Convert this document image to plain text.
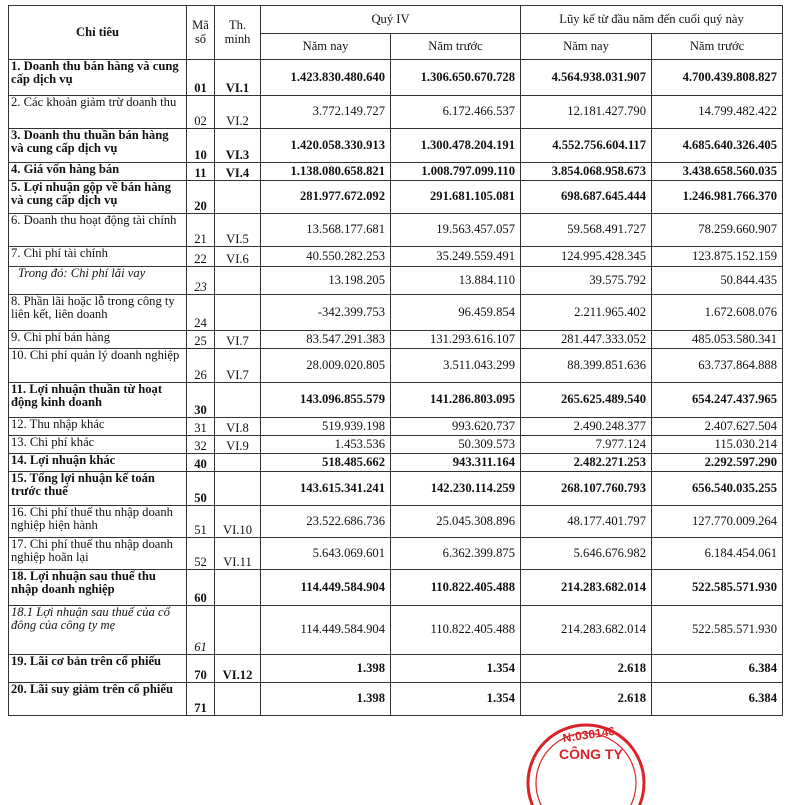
Chỉ tiêu	Mã số	Th. minh	Quý IV		Lũy kế từ đầu năm đến cuối quý này	
			Năm nay	Năm trước	Năm nay	Năm trước
1. Doanh thu bán hàng và cung cấp dịch vụ	01	VI.1	1.423.830.480.640	1.306.650.670.728	4.564.938.031.907	4.700.439.808.827
2. Các khoản giảm trừ doanh thu	02	VI.2	3.772.149.727	6.172.466.537	12.181.427.790	14.799.482.422
3. Doanh thu thuần bán hàng và cung cấp dịch vụ	10	VI.3	1.420.058.330.913	1.300.478.204.191	4.552.756.604.117	4.685.640.326.405
4. Giá vốn hàng bán	11	VI.4	1.138.080.658.821	1.008.797.099.110	3.854.068.958.673	3.438.658.560.035
5. Lợi nhuận gộp về bán hàng và cung cấp dịch vụ	20		281.977.672.092	291.681.105.081	698.687.645.444	1.246.981.766.370
6. Doanh thu hoạt động tài chính	21	VI.5	13.568.177.681	19.563.457.057	59.568.491.727	78.259.660.907
7. Chi phí tài chính	22	VI.6	40.550.282.253	35.249.559.491	124.995.428.345	123.875.152.159
Trong đó: Chi phí lãi vay	23		13.198.205	13.884.110	39.575.792	50.844.435
8. Phần lãi hoặc lỗ trong công ty liên kết, liên doanh	24		-342.399.753	96.459.854	2.211.965.402	1.672.608.076
9. Chi phí bán hàng	25	VI.7	83.547.291.383	131.293.616.107	281.447.333.052	485.053.580.341
10. Chi phí quản lý doanh nghiệp	26	VI.7	28.009.020.805	3.511.043.299	88.399.851.636	63.737.864.888
11. Lợi nhuận thuần từ hoạt động kinh doanh	30		143.096.855.579	141.286.803.095	265.625.489.540	654.247.437.965
12. Thu nhập khác	31	VI.8	519.939.198	993.620.737	2.490.248.377	2.407.627.504
13. Chi phí khác	32	VI.9	1.453.536	50.309.573	7.977.124	115.030.214
14. Lợi nhuận khác	40		518.485.662	943.311.164	2.482.271.253	2.292.597.290
15. Tổng lợi nhuận kế toán trước thuế	50		143.615.341.241	142.230.114.259	268.107.760.793	656.540.035.255
16. Chi phí thuế thu nhập doanh nghiệp hiện hành	51	VI.10	23.522.686.736	25.045.308.896	48.177.401.797	127.770.009.264
17. Chi phí thuế thu nhập doanh nghiệp hoãn lại	52	VI.11	5.643.069.601	6.362.399.875	5.646.676.982	6.184.454.061
18. Lợi nhuận sau thuế thu nhập doanh nghiệp	60		114.449.584.904	110.822.405.488	214.283.682.014	522.585.571.930
18.1 Lợi nhuận sau thuế của cổ đông của công ty mẹ	61		114.449.584.904	110.822.405.488	214.283.682.014	522.585.571.930
19. Lãi cơ bản trên cổ phiếu	70	VI.12	1.398	1.354	2.618	6.384
20. Lãi suy giảm trên cổ phiếu	71		1.398	1.354	2.618	6.384
N:030146
CÔNG TY
